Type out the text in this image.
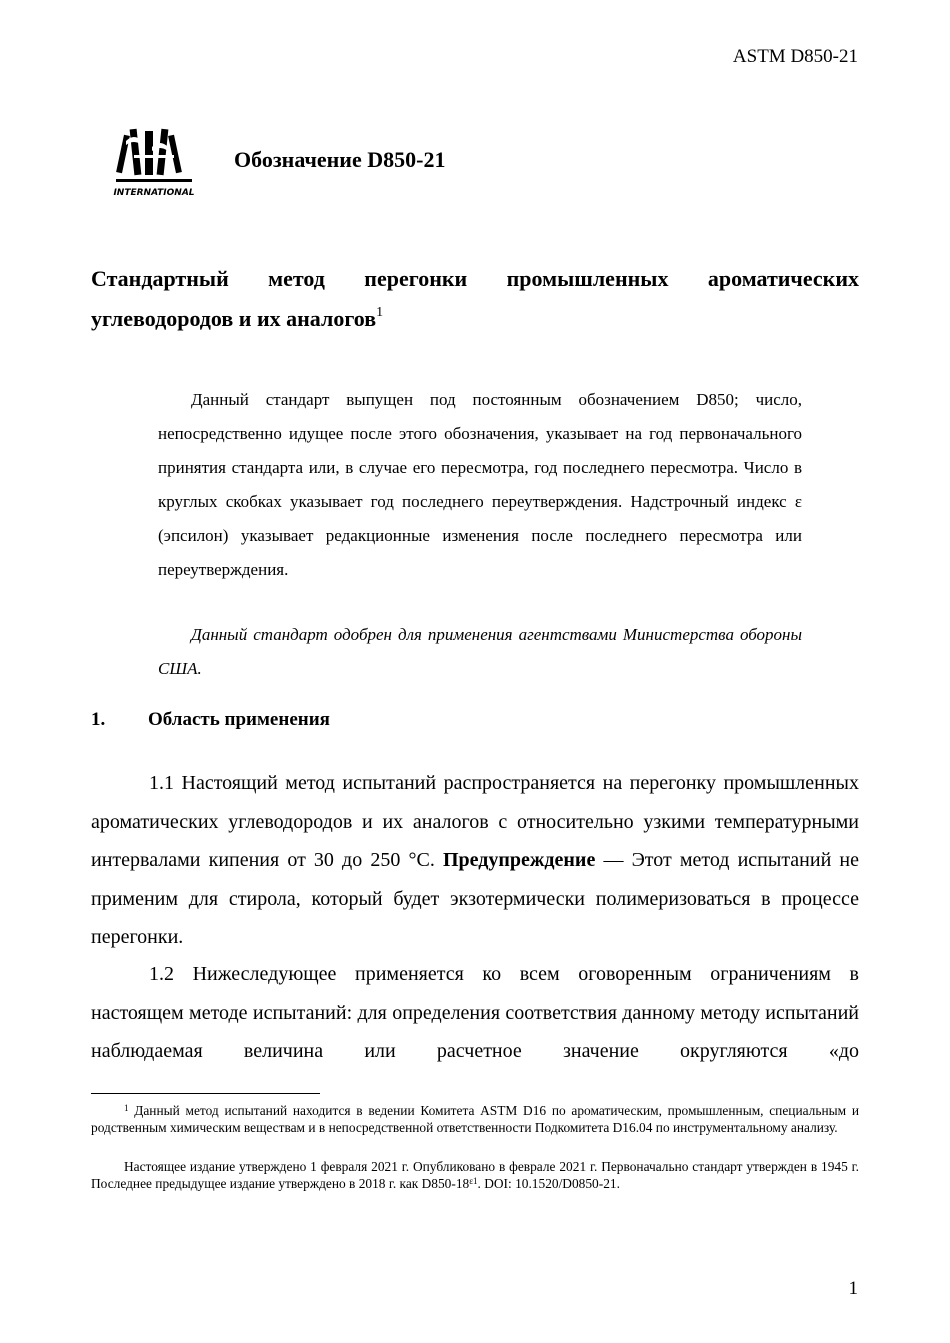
ASTM D850-21
INTERNATIONAL
Обозначение D850-21
Стандартный метод перегонки промышленных ароматических углеводородов и их аналогов$^1$
Данный стандарт выпущен под постоянным обозначением D850; число, непосредственно идущее после этого обозначения, указывает на год первоначального принятия стандарта или, в случае его пересмотра, год последнего пересмотра. Число в круглых скобках указывает год последнего переутверждения. Надстрочный индекс ε (эпсилон) указывает редакционные изменения после последнего пересмотра или переутверждения.
Данный стандарт одобрен для применения агентствами Министерства обороны США.
1. Область применения
1.1 Настоящий метод испытаний распространяется на перегонку промышленных ароматических углеводородов и их аналогов с относительно узкими температурными интервалами кипения от 30 до 250 °C. Предупреждение — Этот метод испытаний не применим для стирола, который будет экзотермически полимеризоваться в процессе перегонки.
1.2 Нижеследующее применяется ко всем оговоренным ограничениям в настоящем методе испытаний: для определения соответствия данному методу испытаний наблюдаемая величина или расчетное значение округляются «до
$^1$ Данный метод испытаний находится в ведении Комитета ASTM D16 по ароматическим, промышленным, специальным и родственным химическим веществам и в непосредственной ответственности Подкомитета D16.04 по инструментальному анализу.
Настоящее издание утверждено 1 февраля 2021 г. Опубликовано в феврале 2021 г. Первоначально стандарт утвержден в 1945 г. Последнее предыдущее издание утверждено в 2018 г. как $D850-18^{\varepsilon 1}$. DOI: 10.1520/D0850-21.
1
